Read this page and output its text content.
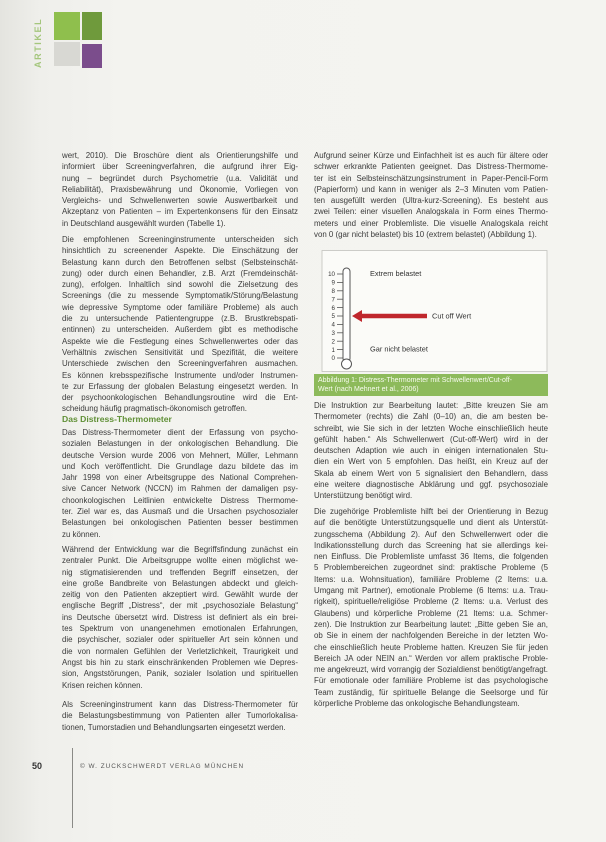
ARTIKEL
wert, 2010). Die Broschüre dient als Orientierungshilfe und
informiert über Screeningverfahren, die aufgrund ihrer Eig-
nung – begründet durch Psychometrie (u.a. Validität und
Reliabilität), Praxisbewährung und Ökonomie, Vorliegen von
Vergleichs- und Schwellenwerten sowie Auswertbarkeit und
Akzeptanz von Patienten – im Expertenkonsens für den Einsatz
in Deutschland ausgewählt wurden (Tabelle 1).
Die empfohlenen Screeninginstrumente unterscheiden sich
hinsichtlich zu screenender Aspekte. Die Einschätzung der
Belastung kann durch den Betroffenen selbst (Selbsteinschät-
zung) oder durch einen Behandler, z.B. Arzt (Fremdeinschät-
zung), erfolgen. Inhaltlich sind sowohl die Zielsetzung des
Screenings (die zu messende Symptomatik/Störung/Belastung
wie depressive Symptome oder familiäre Probleme) als auch
die zu untersuchende Patientengruppe (z.B. Brustkrebspati-
entinnen) zu unterscheiden. Außerdem gibt es methodische
Aspekte wie die Festlegung eines Schwellenwertes oder das
Verhältnis zwischen Sensitivität und Spezifität, die weitere
Unterschiede zwischen den Screeningverfahren ausmachen.
Es können krebsspezifische Instrumente und/oder Instrumen-
te zur Erfassung der globalen Belastung eingesetzt werden. In
der psychoonkologischen Behandlungsroutine wird die Ent-
scheidung häufig pragmatisch-ökonomisch getroffen.
Das Distress-Thermometer
Das Distress-Thermometer dient der Erfassung von psycho-
sozialen Belastungen in der onkologischen Behandlung. Die
deutsche Version wurde 2006 von Mehnert, Müller, Lehmann
und Koch veröffentlicht. Die Grundlage dazu bildete das im
Jahr 1998 von einer Arbeitsgruppe des National Comprehen-
sive Cancer Network (NCCN) im Rahmen der damaligen psy-
choonkologischen Leitlinien entwickelte Distress Thermome-
ter. Ziel war es, das Ausmaß und die Ursachen psychosozialer
Belastungen bei onkologischen Patienten besser bestimmen
zu können.
Während der Entwicklung war die Begriffsfindung zunächst ein
zentraler Punkt. Die Arbeitsgruppe wollte einen möglichst we-
nig stigmatisierenden und treffenden Begriff einsetzen, der
eine große Bandbreite von Belastungen abdeckt und gleich-
zeitig von den Patienten akzeptiert wird. Gewählt wurde der
englische Begriff „Distress“, der mit „psychosoziale Belastung“
ins Deutsche übersetzt wird. Distress ist definiert als ein brei-
tes Spektrum von unangenehmen emotionalen Erfahrungen,
die psychischer, sozialer oder spiritueller Art sein können und
die von normalen Gefühlen der Verletzlichkeit, Traurigkeit und
Angst bis hin zu stark einschränkenden Problemen wie Depres-
sion, Angststörungen, Panik, sozialer Isolation und spirituellen
Krisen reichen können.
Als Screeninginstrument kann das Distress-Thermometer für
die Belastungsbestimmung von Patienten aller Tumorlokalisa-
tionen, Tumorstadien und Behandlungsarten eingesetzt werden.
Aufgrund seiner Kürze und Einfachheit ist es auch für ältere oder
schwer erkrankte Patienten geeignet. Das Distress-Thermome-
ter ist ein Selbsteinschätzungsinstrument in Paper-Pencil-Form
(Papierform) und kann in weniger als 2–3 Minuten vom Patien-
ten ausgefüllt werden (Ultra-kurz-Screening). Es besteht aus
zwei Teilen: einer visuellen Analogskala in Form eines Thermo-
meters und einer Problemliste. Die visuelle Analogskala reicht
von 0 (gar nicht belastet) bis 10 (extrem belastet) (Abbildung 1).
10
9
8
7
6
5
4
3
2
1
0
Extrem belastet
Gar nicht belastet
Cut off Wert
Abbildung 1: Distress-Thermometer mit Schwellenwert/Cut-off-
Wert (nach Mehnert et al., 2006)
Die Instruktion zur Bearbeitung lautet: „Bitte kreuzen Sie am
Thermometer (rechts) die Zahl (0–10) an, die am besten be-
schreibt, wie Sie sich in der letzten Woche einschließlich heute
gefühlt haben.“ Als Schwellenwert (Cut-off-Wert) wird in der
deutschen Adaption wie auch in einigen internationalen Stu-
dien ein Wert von 5 empfohlen. Das heißt, ein Kreuz auf der
Skala ab einem Wert von 5 signalisiert den Behandlern, dass
eine weitere diagnostische Abklärung und ggf. psychosoziale
Unterstützung benötigt wird.
Die zugehörige Problemliste hilft bei der Orientierung in Bezug
auf die benötigte Unterstützungsquelle und dient als Unterstüt-
zungsschema (Abbildung 2). Auf den Schwellenwert oder die
Indikationsstellung durch das Screening hat sie allerdings kei-
nen Einfluss. Die Problemliste umfasst 36 Items, die folgenden
5 Problembereichen zugeordnet sind: praktische Probleme (5
Items: u.a. Wohnsituation), familiäre Probleme (2 Items: u.a.
Umgang mit Partner), emotionale Probleme (6 Items: u.a. Trau-
rigkeit), spirituelle/religiöse Probleme (2 Items: u.a. Verlust des
Glaubens) und körperliche Probleme (21 Items: u.a. Schmer-
zen). Die Instruktion zur Bearbeitung lautet: „Bitte geben Sie an,
ob Sie in einem der nachfolgenden Bereiche in der letzten Wo-
che einschließlich heute Probleme hatten. Kreuzen Sie für jeden
Bereich JA oder NEIN an.“ Werden vor allem praktische Proble-
me angekreuzt, wird vorrangig der Sozialdienst benötigt/angefragt.
Für emotionale oder familiäre Probleme ist das psychologische
Team zuständig, für spirituelle Belange die Seelsorge und für
körperliche Probleme das onkologische Behandlungsteam.
50	© W. ZUCKSCHWERDT VERLAG MÜNCHEN
